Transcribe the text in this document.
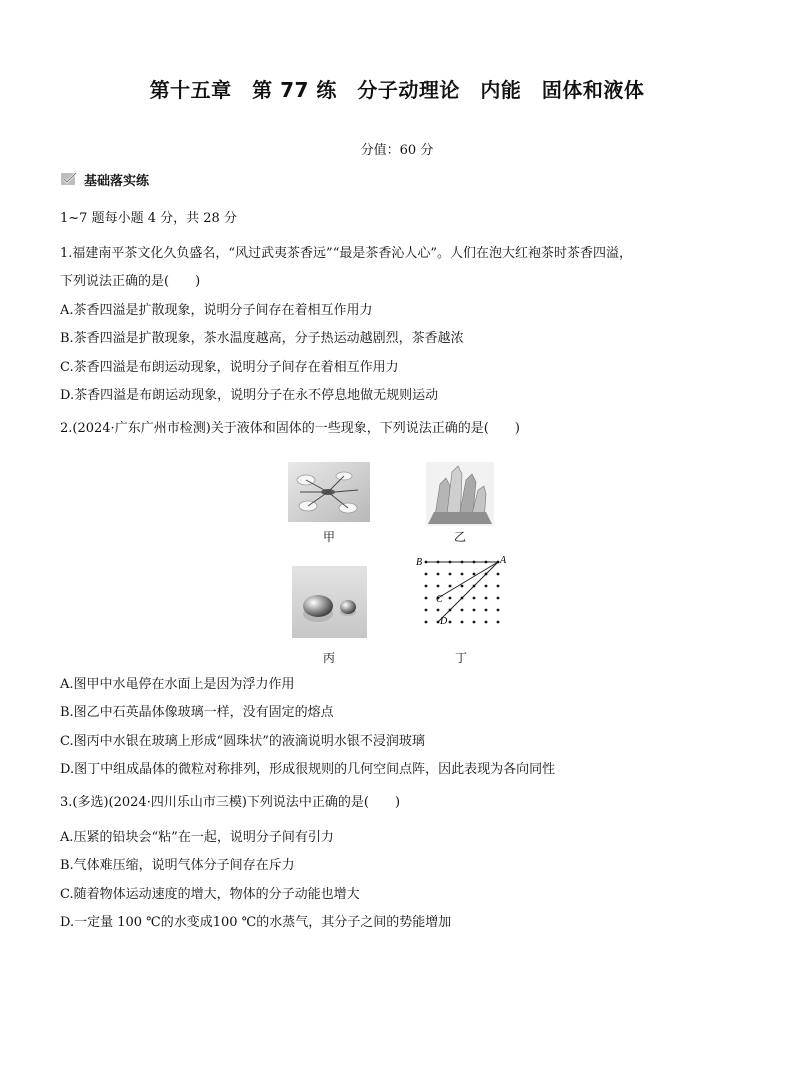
第十五章　第 77 练　分子动理论　内能　固体和液体
分值：60 分
基础落实练
1~7 题每小题 4 分，共 28 分
1.福建南平茶文化久负盛名，“风过武夷茶香远”“最是茶香沁人心”。人们在泡大红袍茶时茶香四溢，
下列说法正确的是(　　)
A.茶香四溢是扩散现象，说明分子间存在着相互作用力
B.茶香四溢是扩散现象，茶水温度越高，分子热运动越剧烈，茶香越浓
C.茶香四溢是布朗运动现象，说明分子间存在着相互作用力
D.茶香四溢是布朗运动现象，说明分子在永不停息地做无规则运动
2.(2024·广东广州市检测)关于液体和固体的一些现象，下列说法正确的是(　　)
甲	乙
丙
B	A
C
D
丁
A.图甲中水黾停在水面上是因为浮力作用
B.图乙中石英晶体像玻璃一样，没有固定的熔点
C.图丙中水银在玻璃上形成“圆珠状”的液滴说明水银不浸润玻璃
D.图丁中组成晶体的微粒对称排列，形成很规则的几何空间点阵，因此表现为各向同性
3.(多选)(2024·四川乐山市三模)下列说法中正确的是(　　)
A.压紧的铅块会“粘”在一起，说明分子间有引力
B.气体难压缩，说明气体分子间存在斥力
C.随着物体运动速度的增大，物体的分子动能也增大
D.一定量 100 ℃的水变成100 ℃的水蒸气，其分子之间的势能增加
